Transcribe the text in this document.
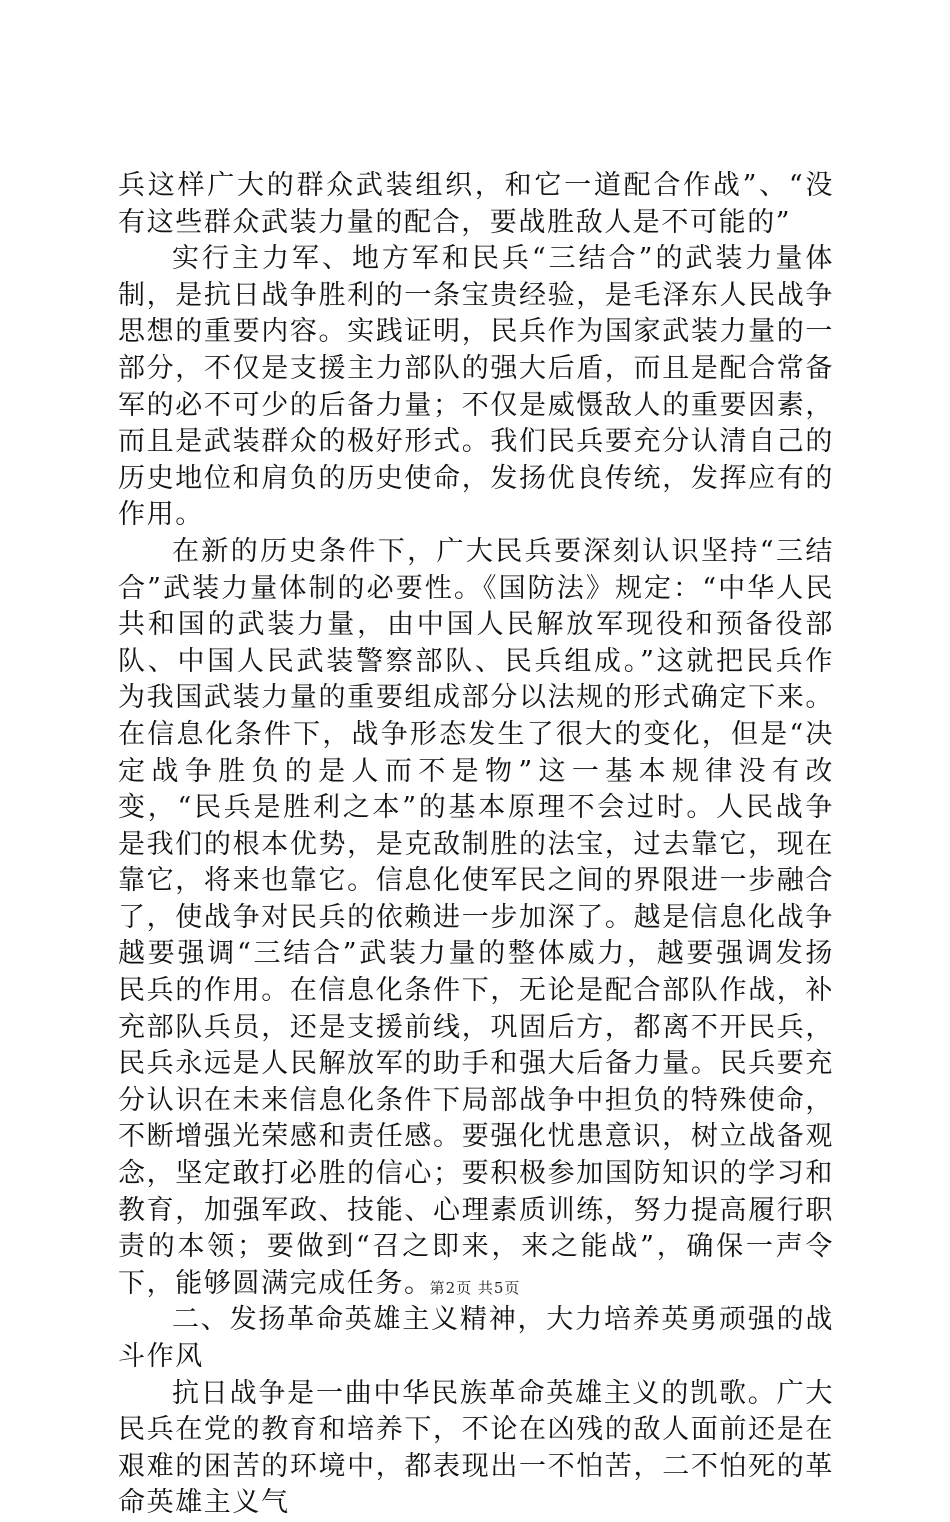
兵这样广大的群众武装组织，和它一道配合作战”、“没有这些群众武装力量的配合，要战胜敌人是不可能的”

实行主力军、地方军和民兵“三结合”的武装力量体制，是抗日战争胜利的一条宝贵经验，是毛泽东人民战争思想的重要内容。实践证明，民兵作为国家武装力量的一部分，不仅是支援主力部队的强大后盾，而且是配合常备军的必不可少的后备力量；不仅是威慑敌人的重要因素，而且是武装群众的极好形式。我们民兵要充分认清自己的历史地位和肩负的历史使命，发扬优良传统，发挥应有的作用。

在新的历史条件下，广大民兵要深刻认识坚持“三结合”武装力量体制的必要性。《国防法》规定：“中华人民共和国的武装力量，由中国人民解放军现役和预备役部队、中国人民武装警察部队、民兵组成。”这就把民兵作为我国武装力量的重要组成部分以法规的形式确定下来。在信息化条件下，战争形态发生了很大的变化，但是“决定战争胜负的是人而不是物”这一基本规律没有改变，“民兵是胜利之本”的基本原理不会过时。人民战争是我们的根本优势，是克敌制胜的法宝，过去靠它，现在靠它，将来也靠它。信息化使军民之间的界限进一步融合了，使战争对民兵的依赖进一步加深了。越是信息化战争越要强调“三结合”武装力量的整体威力，越要强调发扬民兵的作用。在信息化条件下，无论是配合部队作战，补充部队兵员，还是支援前线，巩固后方，都离不开民兵，民兵永远是人民解放军的助手和强大后备力量。民兵要充分认识在未来信息化条件下局部战争中担负的特殊使命，不断增强光荣感和责任感。要强化忧患意识，树立战备观念，坚定敢打必胜的信心；要积极参加国防知识的学习和教育，加强军政、技能、心理素质训练，努力提高履行职责的本领；要做到“召之即来，来之能战”，确保一声令下，能够圆满完成任务。

二、发扬革命英雄主义精神，大力培养英勇顽强的战斗作风

抗日战争是一曲中华民族革命英雄主义的凯歌。广大民兵在党的教育和培养下，不论在凶残的敌人面前还是在艰难的困苦的环境中，都表现出一不怕苦，二不怕死的革命英雄主义气

第2页 共5页
